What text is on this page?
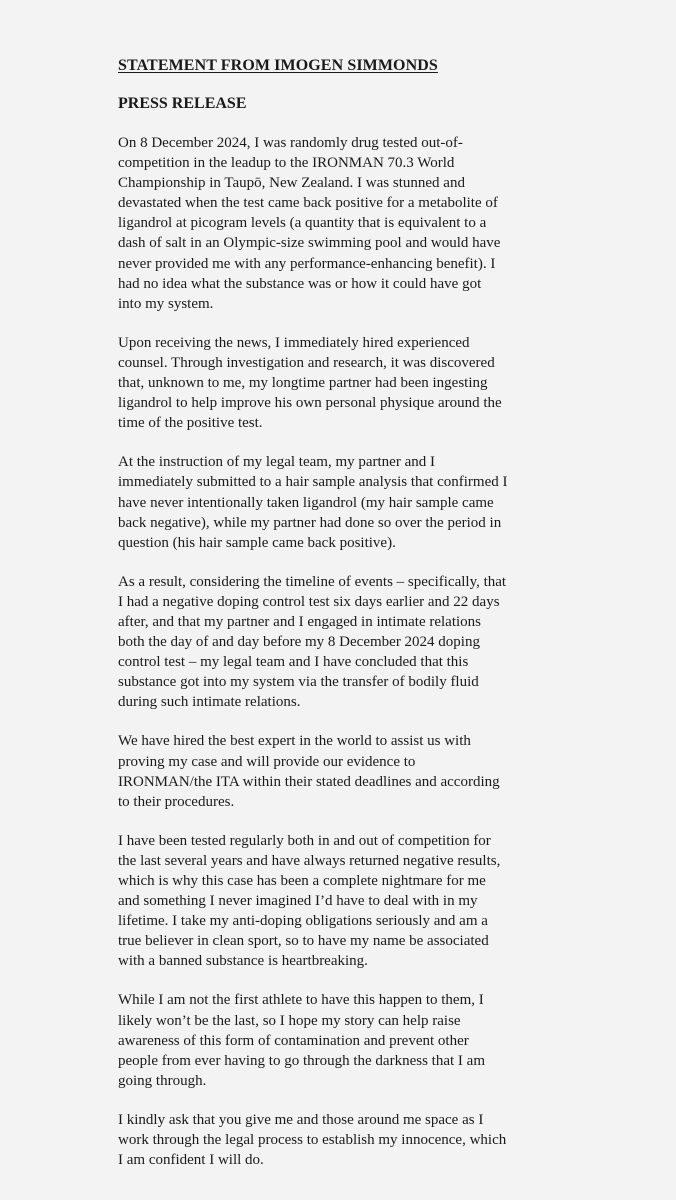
STATEMENT FROM IMOGEN SIMMONDS
PRESS RELEASE

On 8 December 2024, I was randomly drug tested out-of-
competition in the leadup to the IRONMAN 70.3 World
Championship in Taupō, New Zealand. I was stunned and
devastated when the test came back positive for a metabolite of
ligandrol at picogram levels (a quantity that is equivalent to a
dash of salt in an Olympic-size swimming pool and would have
never provided me with any performance-enhancing benefit). I
had no idea what the substance was or how it could have got
into my system.

Upon receiving the news, I immediately hired experienced
counsel. Through investigation and research, it was discovered
that, unknown to me, my longtime partner had been ingesting
ligandrol to help improve his own personal physique around the
time of the positive test.

At the instruction of my legal team, my partner and I
immediately submitted to a hair sample analysis that confirmed I
have never intentionally taken ligandrol (my hair sample came
back negative), while my partner had done so over the period in
question (his hair sample came back positive).

As a result, considering the timeline of events – specifically, that
I had a negative doping control test six days earlier and 22 days
after, and that my partner and I engaged in intimate relations
both the day of and day before my 8 December 2024 doping
control test – my legal team and I have concluded that this
substance got into my system via the transfer of bodily fluid
during such intimate relations.

We have hired the best expert in the world to assist us with
proving my case and will provide our evidence to
IRONMAN/the ITA within their stated deadlines and according
to their procedures.

I have been tested regularly both in and out of competition for
the last several years and have always returned negative results,
which is why this case has been a complete nightmare for me
and something I never imagined I’d have to deal with in my
lifetime. I take my anti-doping obligations seriously and am a
true believer in clean sport, so to have my name be associated
with a banned substance is heartbreaking.

While I am not the first athlete to have this happen to them, I
likely won’t be the last, so I hope my story can help raise
awareness of this form of contamination and prevent other
people from ever having to go through the darkness that I am
going through.

I kindly ask that you give me and those around me space as I
work through the legal process to establish my innocence, which
I am confident I will do.
